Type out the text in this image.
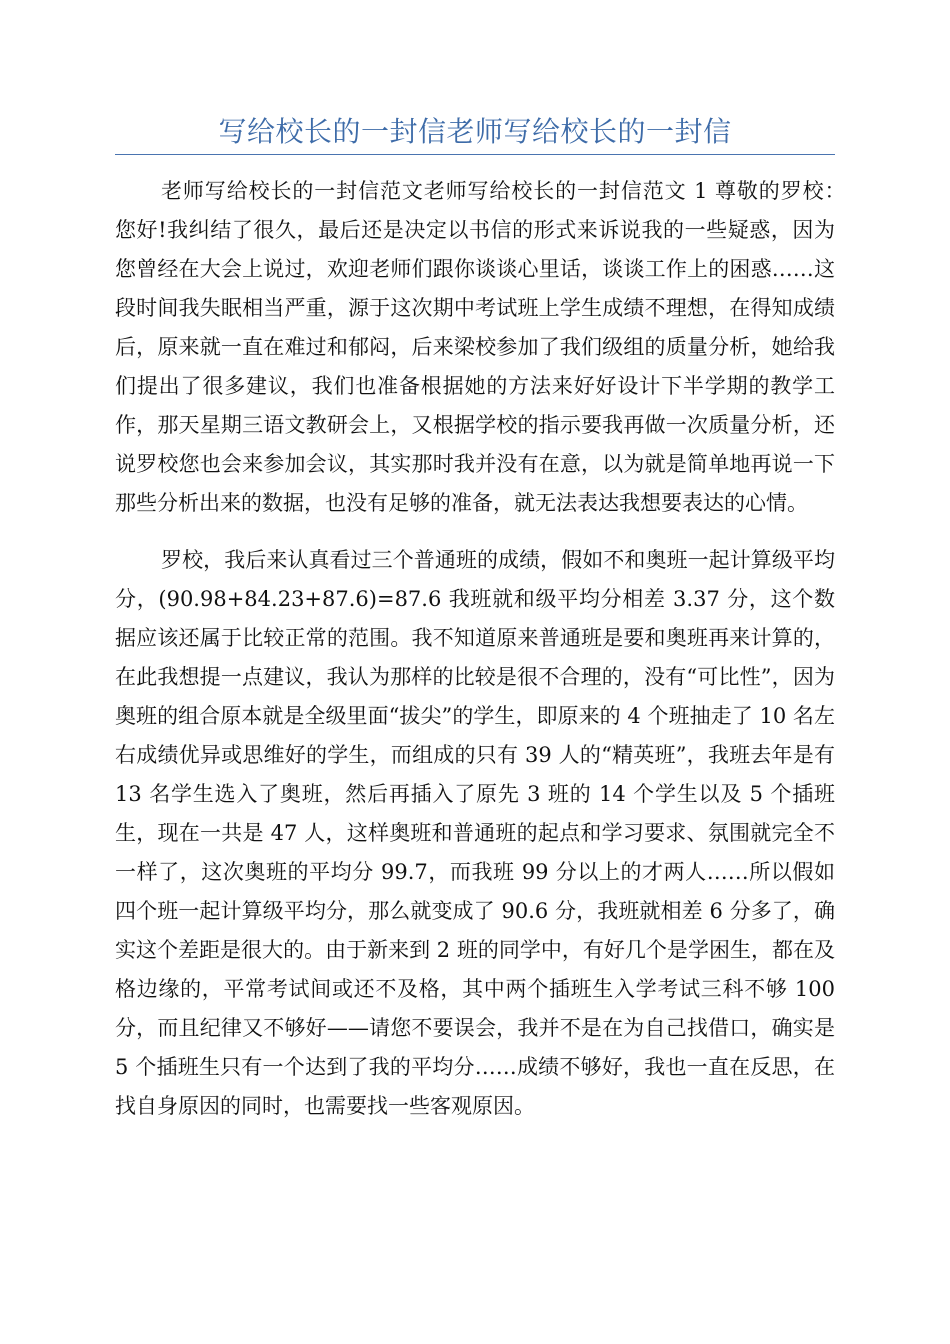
写给校长的一封信老师写给校长的一封信

老师写给校长的一封信范文老师写给校长的一封信范文 1 尊敬的罗校：　您好!我纠结了很久，最后还是决定以书信的形式来诉说我的一些疑惑，因为您曾经在大会上说过，欢迎老师们跟你谈谈心里话，谈谈工作上的困惑……这段时间我失眠相当严重，源于这次期中考试班上学生成绩不理想，在得知成绩后，原来就一直在难过和郁闷，后来梁校参加了我们级组的质量分析，她给我们提出了很多建议，我们也准备根据她的方法来好好设计下半学期的教学工作，那天星期三语文教研会上，又根据学校的指示要我再做一次质量分析，还说罗校您也会来参加会议，其实那时我并没有在意，以为就是简单地再说一下那些分析出来的数据，也没有足够的准备，就无法表达我想要表达的心情。

罗校，我后来认真看过三个普通班的成绩，假如不和奥班一起计算级平均分，(90.98+84.23+87.6)=87.6 我班就和级平均分相差 3.37 分，这个数据应该还属于比较正常的范围。我不知道原来普通班是要和奥班再来计算的，在此我想提一点建议，我认为那样的比较是很不合理的，没有“可比性”，因为奥班的组合原本就是全级里面“拔尖”的学生，即原来的 4 个班抽走了 10 名左右成绩优异或思维好的学生，而组成的只有 39 人的“精英班”，我班去年是有 13 名学生选入了奥班，然后再插入了原先 3 班的 14 个学生以及 5 个插班生，现在一共是 47 人，这样奥班和普通班的起点和学习要求、氛围就完全不一样了，这次奥班的平均分 99.7，而我班 99 分以上的才两人……所以假如四个班一起计算级平均分，那么就变成了 90.6 分，我班就相差 6 分多了，确实这个差距是很大的。由于新来到 2 班的同学中，有好几个是学困生，都在及格边缘的，平常考试间或还不及格，其中两个插班生入学考试三科不够 100 分，而且纪律又不够好——请您不要误会，我并不是在为自己找借口，确实是 5 个插班生只有一个达到了我的平均分……成绩不够好，我也一直在反思，在找自身原因的同时，也需要找一些客观原因。
